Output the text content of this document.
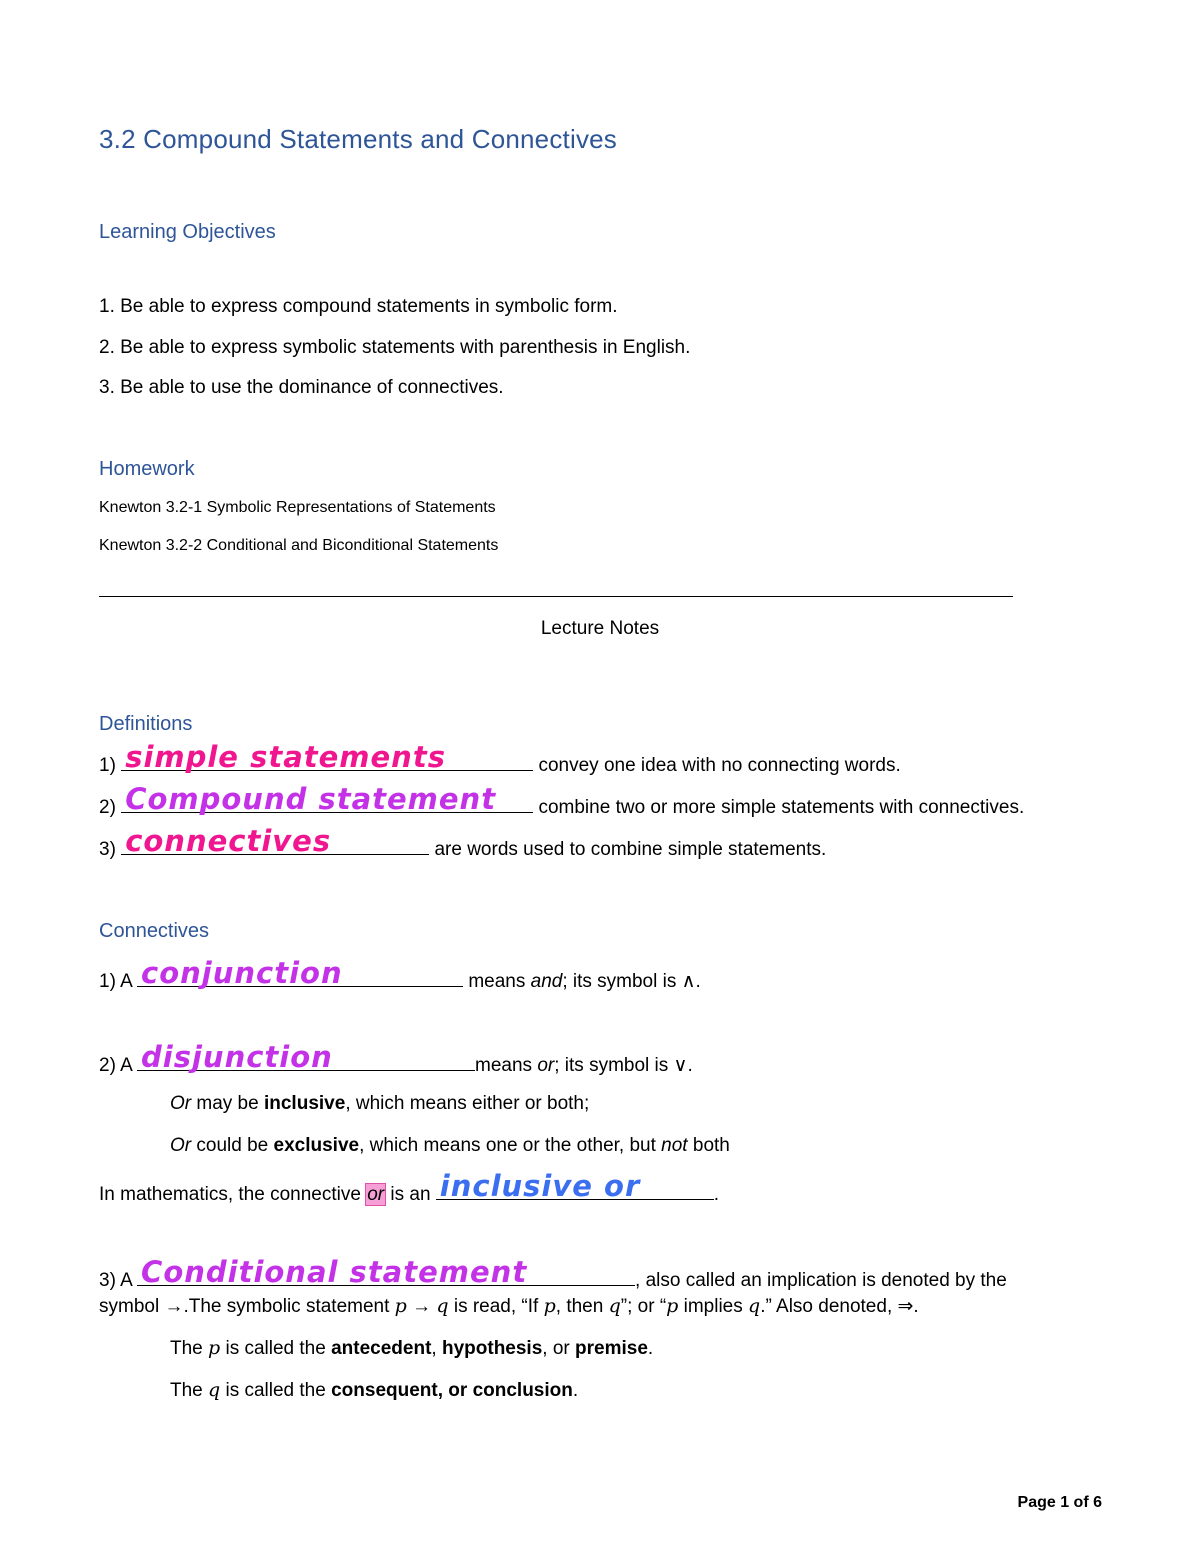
3.2 Compound Statements and Connectives
Learning Objectives
1. Be able to express compound statements in symbolic form.
2. Be able to express symbolic statements with parenthesis in English.
3. Be able to use the dominance of connectives.
Homework
Knewton 3.2-1 Symbolic Representations of Statements
Knewton 3.2-2 Conditional and Biconditional Statements
Lecture Notes
Definitions
1) simple statements	convey one idea with no connecting words.
2) Compound statement combine two or more simple statements with connectives.
3) connectives	are words used to combine simple statements.
Connectives
1) A conjunction	means and; its symbol is ∧.
2) A disjunction	means or; its symbol is ∨.
Or may be inclusive, which means either or both;
Or could be exclusive, which means one or the other, but not both
In mathematics, the connective or is an inclusive or	.
3) A Conditional statement	, also called an implication is denoted by the
symbol →.The symbolic statement p → q is read, “If p, then q”; or “p implies q.” Also denoted, ⇒.
The p is called the antecedent, hypothesis, or premise.
The q is called the consequent, or conclusion.
Page 1 of 6
